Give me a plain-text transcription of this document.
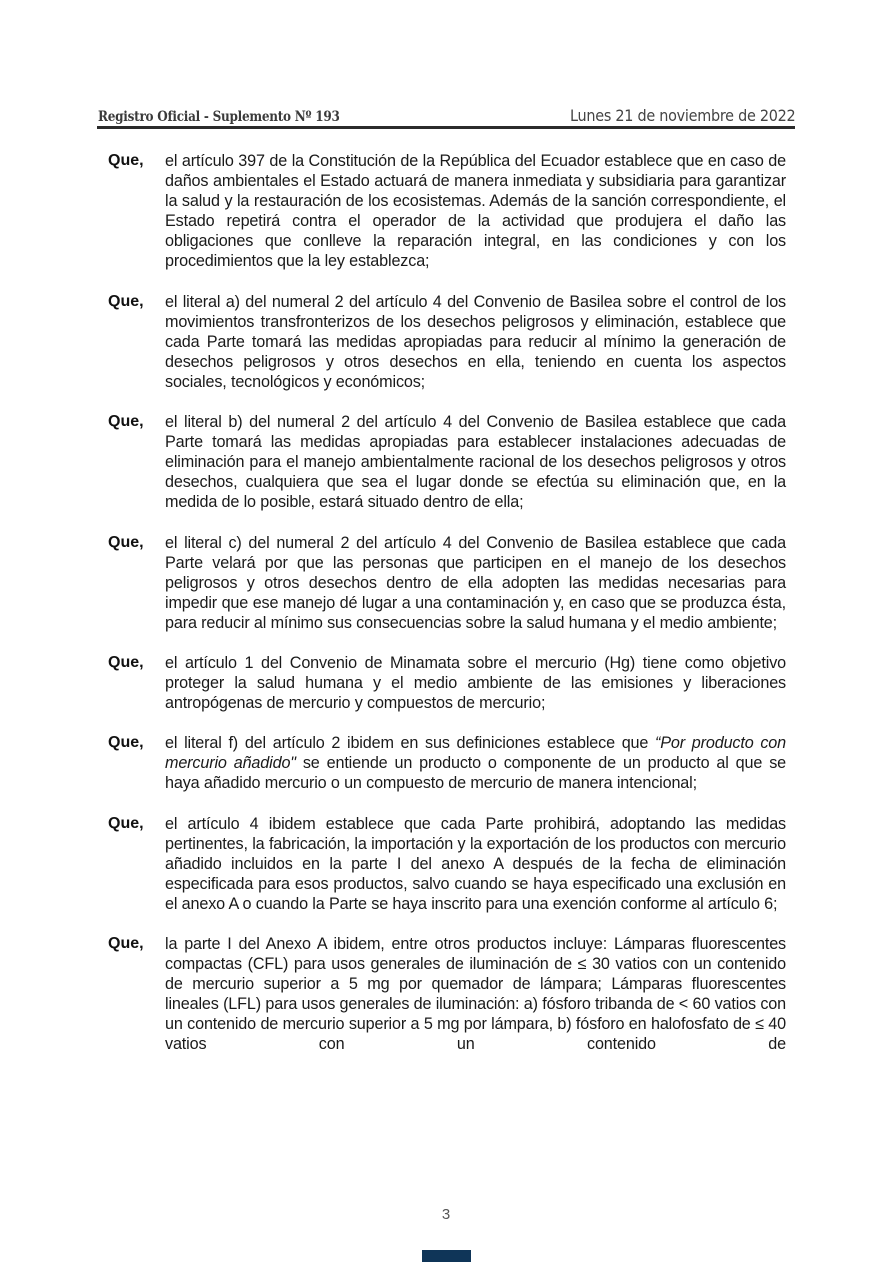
Registro Oficial - Suplemento Nº 193	Lunes 21 de noviembre de 2022
Que,	el artículo 397 de la Constitución de la República del Ecuador establece que en caso de daños ambientales el Estado actuará de manera inmediata y subsidiaria para garantizar la salud y la restauración de los ecosistemas. Además de la sanción correspondiente, el Estado repetirá contra el operador de la actividad que produjera el daño las obligaciones que conlleve la reparación integral, en las condiciones y con los procedimientos que la ley establezca;
Que,	el literal a) del numeral 2 del artículo 4 del Convenio de Basilea sobre el control de los movimientos transfronterizos de los desechos peligrosos y eliminación, establece que cada Parte tomará las medidas apropiadas para reducir al mínimo la generación de desechos peligrosos y otros desechos en ella, teniendo en cuenta los aspectos sociales, tecnológicos y económicos;
Que,	el literal b) del numeral 2 del artículo 4 del Convenio de Basilea establece que cada Parte tomará las medidas apropiadas para establecer instalaciones adecuadas de eliminación para el manejo ambientalmente racional de los desechos peligrosos y otros desechos, cualquiera que sea el lugar donde se efectúa su eliminación que, en la medida de lo posible, estará situado dentro de ella;
Que,	el literal c) del numeral 2 del artículo 4 del Convenio de Basilea establece que cada Parte velará por que las personas que participen en el manejo de los desechos peligrosos y otros desechos dentro de ella adopten las medidas necesarias para impedir que ese manejo dé lugar a una contaminación y, en caso que se produzca ésta, para reducir al mínimo sus consecuencias sobre la salud humana y el medio ambiente;
Que,	el artículo 1 del Convenio de Minamata sobre el mercurio (Hg) tiene como objetivo proteger la salud humana y el medio ambiente de las emisiones y liberaciones antropógenas de mercurio y compuestos de mercurio;
Que,	el literal f) del artículo 2 ibidem en sus definiciones establece que “Por producto con mercurio añadido" se entiende un producto o componente de un producto al que se haya añadido mercurio o un compuesto de mercurio de manera intencional;
Que,	el artículo 4 ibidem establece que cada Parte prohibirá, adoptando las medidas pertinentes, la fabricación, la importación y la exportación de los productos con mercurio añadido incluidos en la parte I del anexo A después de la fecha de eliminación especificada para esos productos, salvo cuando se haya especificado una exclusión en el anexo A o cuando la Parte se haya inscrito para una exención conforme al artículo 6;
Que,	la parte I del Anexo A ibidem, entre otros productos incluye: Lámparas fluorescentes compactas (CFL) para usos generales de iluminación de ≤ 30 vatios con un contenido de mercurio superior a 5 mg por quemador de lámpara; Lámparas fluorescentes lineales (LFL) para usos generales de iluminación: a) fósforo tribanda de < 60 vatios con un contenido de mercurio superior a 5 mg por lámpara, b) fósforo en halofosfato de ≤ 40 vatios con un contenido de
3
